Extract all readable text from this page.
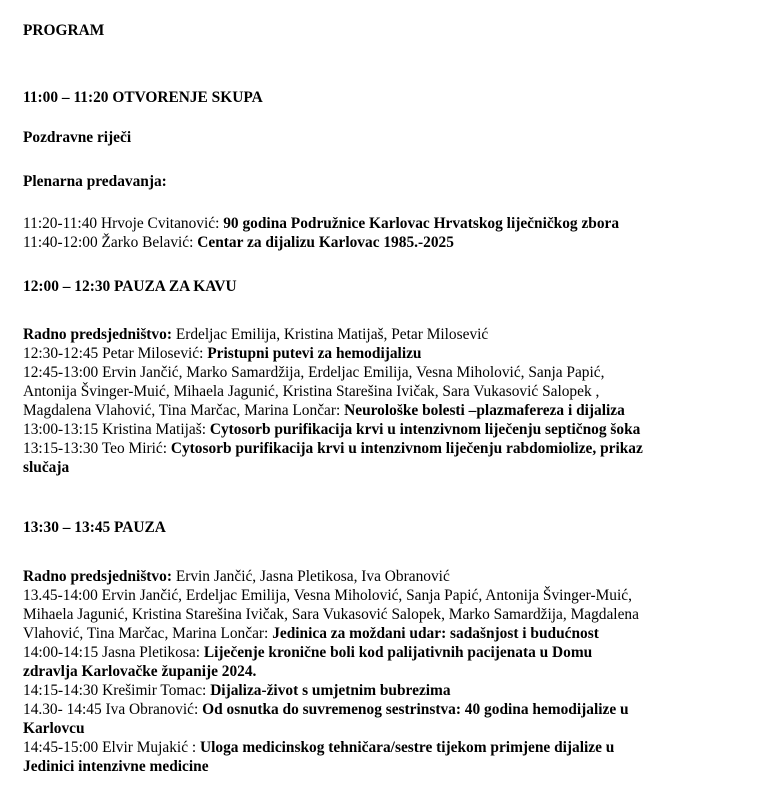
PROGRAM
11:00 – 11:20 OTVORENJE SKUPA
Pozdravne riječi
Plenarna predavanja:
11:20-11:40 Hrvoje Cvitanović: 90 godina Podružnice Karlovac Hrvatskog liječničkog zbora
11:40-12:00 Žarko Belavić: Centar za dijalizu Karlovac 1985.-2025
12:00 – 12:30 PAUZA ZA KAVU
Radno predsjedništvo: Erdeljac Emilija, Kristina Matijaš, Petar Milosević
12:30-12:45 Petar Milosević: Pristupni putevi za hemodijalizu
12:45-13:00 Ervin Jančić, Marko Samardžija, Erdeljac Emilija, Vesna Miholović, Sanja Papić,
Antonija Švinger-Muić, Mihaela Jagunić, Kristina Starešina Ivičak, Sara Vukasović Salopek ,
Magdalena Vlahović, Tina Marčac, Marina Lončar: Neurološke bolesti –plazmafereza i dijaliza
13:00-13:15 Kristina Matijaš: Cytosorb purifikacija krvi u intenzivnom liječenju septičnog šoka
13:15-13:30 Teo Mirić: Cytosorb purifikacija krvi u intenzivnom liječenju rabdomiolize, prikaz
slučaja
13:30 – 13:45 PAUZA
Radno predsjedništvo: Ervin Jančić, Jasna Pletikosa, Iva Obranović
13.45-14:00 Ervin Jančić, Erdeljac Emilija, Vesna Miholović, Sanja Papić, Antonija Švinger-Muić,
Mihaela Jagunić, Kristina Starešina Ivičak, Sara Vukasović Salopek, Marko Samardžija, Magdalena
Vlahović, Tina Marčac, Marina Lončar: Jedinica za moždani udar: sadašnjost i budućnost
14:00-14:15 Jasna Pletikosa: Liječenje kronične boli kod palijativnih pacijenata u Domu
zdravlja Karlovačke županije 2024.
14:15-14:30 Krešimir Tomac: Dijaliza-život s umjetnim bubrezima
14.30- 14:45 Iva Obranović: Od osnutka do suvremenog sestrinstva: 40 godina hemodijalize u
Karlovcu
14:45-15:00 Elvir Mujakić : Uloga medicinskog tehničara/sestre tijekom primjene dijalize u
Jedinici intenzivne medicine
